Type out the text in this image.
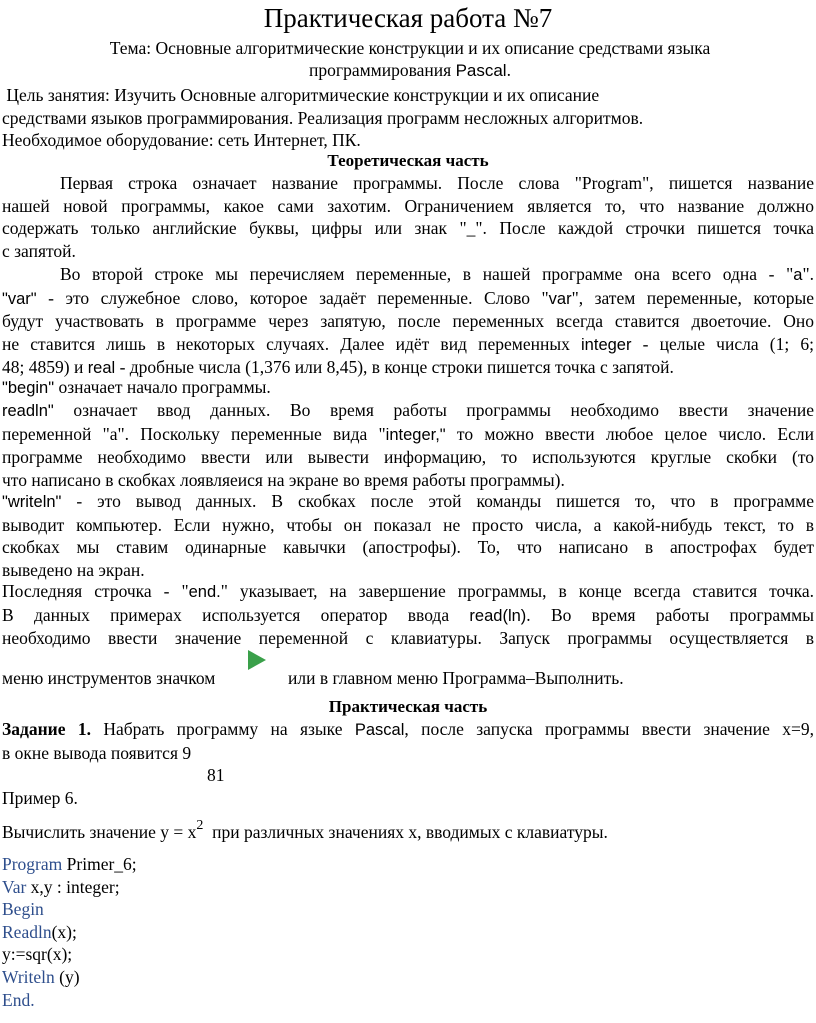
Практическая работа №7
Тема: Основные алгоритмические конструкции и их описание средствами языка программирования Pascal.
Цель занятия: Изучить Основные алгоритмические конструкции и их описание
средствами языков программирования. Реализация программ несложных алгоритмов.
Необходимое оборудование: сеть Интернет, ПК.
Теоретическая часть
Первая строка означает название программы. После слова "Program", пишется название
нашей новой программы, какое сами захотим. Ограничением является то, что название должно
содержать только английские буквы, цифры или знак "_". После каждой строчки пишется точка
с запятой.
Во второй строке мы перечисляем переменные, в нашей программе она всего одна - "a".
"var" - это служебное слово, которое задаёт переменные. Слово "var", затем переменные, которые
будут участвовать в программе через запятую, после переменных всегда ставится двоеточие. Оно
не ставится лишь в некоторых случаях. Далее идёт вид переменных integer - целые числа (1; 6;
48; 4859) и real - дробные числа (1,376 или 8,45), в конце строки пишется точка с запятой.
"begin" означает начало программы.
readln" означает ввод данных. Во время работы программы необходимо ввести значение
переменной "a". Поскольку переменные вида "integer," то можно ввести любое целое число. Если
программе необходимо ввести или вывести информацию, то используются круглые скобки (то
что написано в скобках лоявляеися на экране во время работы программы).
"writeln" - это вывод данных. В скобках после этой команды пишется то, что в программе
выводит компьютер. Если нужно, чтобы он показал не просто числа, а какой-нибудь текст, то в
скобках мы ставим одинарные кавычки (апострофы). То, что написано в апострофах будет
выведено на экран.
Последняя строчка - "end." указывает, на завершение программы, в конце всегда ставится точка.
В данных примерах используется оператор ввода read(ln). Во время работы программы
необходимо ввести значение переменной с клавиатуры. Запуск программы осуществляется в
меню инструментов значком	или в главном меню Программа–Выполнить.
Практическая часть
Задание 1. Набрать программу на языке Pascal, после запуска программы ввести значение х=9,
в окне вывода появится 9
81
Пример 6.
Вычислить значение $у = х^2$  при различных значениях х, вводимых с клавиатуры.
Program Primer_6;
Var x,y : integer;
Begin
Readln(x);
y:=sqr(x);
Writeln (y)
End.
